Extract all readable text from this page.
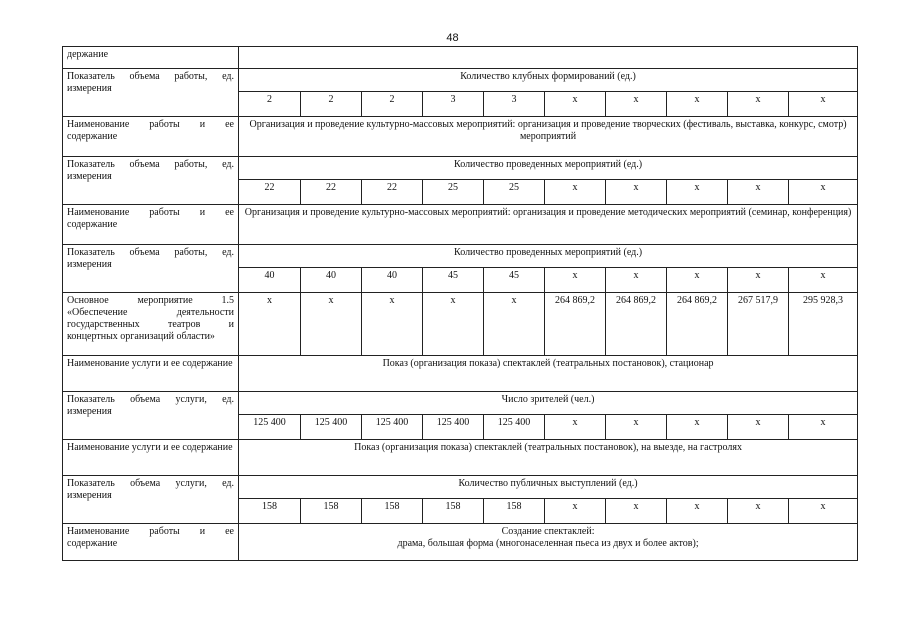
48
держание										
Показатель объема работы, ед. измерения	Количество клубных формирований (ед.)									
	2	2	2	3	3	х	х	х	х	х
Наименование работы и ее содержание	Организация и проведение культурно-массовых мероприятий: организация и проведение творческих (фестиваль, выставка, конкурс, смотр) мероприятий									
Показатель объема работы, ед. измерения	Количество проведенных мероприятий (ед.)									
	22	22	22	25	25	х	х	х	х	х
Наименование работы и ее содержание	Организация и проведение культурно-массовых мероприятий: организация и проведение методических мероприятий (семинар, конференция)									
Показатель объема работы, ед. измерения	Количество проведенных мероприятий (ед.)									
	40	40	40	45	45	х	х	х	х	х
Основное мероприятие 1.5 «Обеспечение деятельности государственных театров и концертных организаций области»	х	х	х	х	х	264 869,2	264 869,2	264 869,2	267 517,9	295 928,3
Наименование услуги и ее содержание	Показ (организация показа) спектаклей (театральных постановок), стационар									
Показатель объема услуги, ед. измерения	Число зрителей (чел.)									
	125 400	125 400	125 400	125 400	125 400	х	х	х	х	х
Наименование услуги и ее содержание	Показ (организация показа) спектаклей (театральных постановок), на выезде, на гастролях									
Показатель объема услуги, ед. измерения	Количество публичных выступлений (ед.)									
	158	158	158	158	158	х	х	х	х	х
Наименование работы и ее содержание	Создание спектаклей:
драма, большая форма (многонаселенная пьеса из двух и более актов);									
